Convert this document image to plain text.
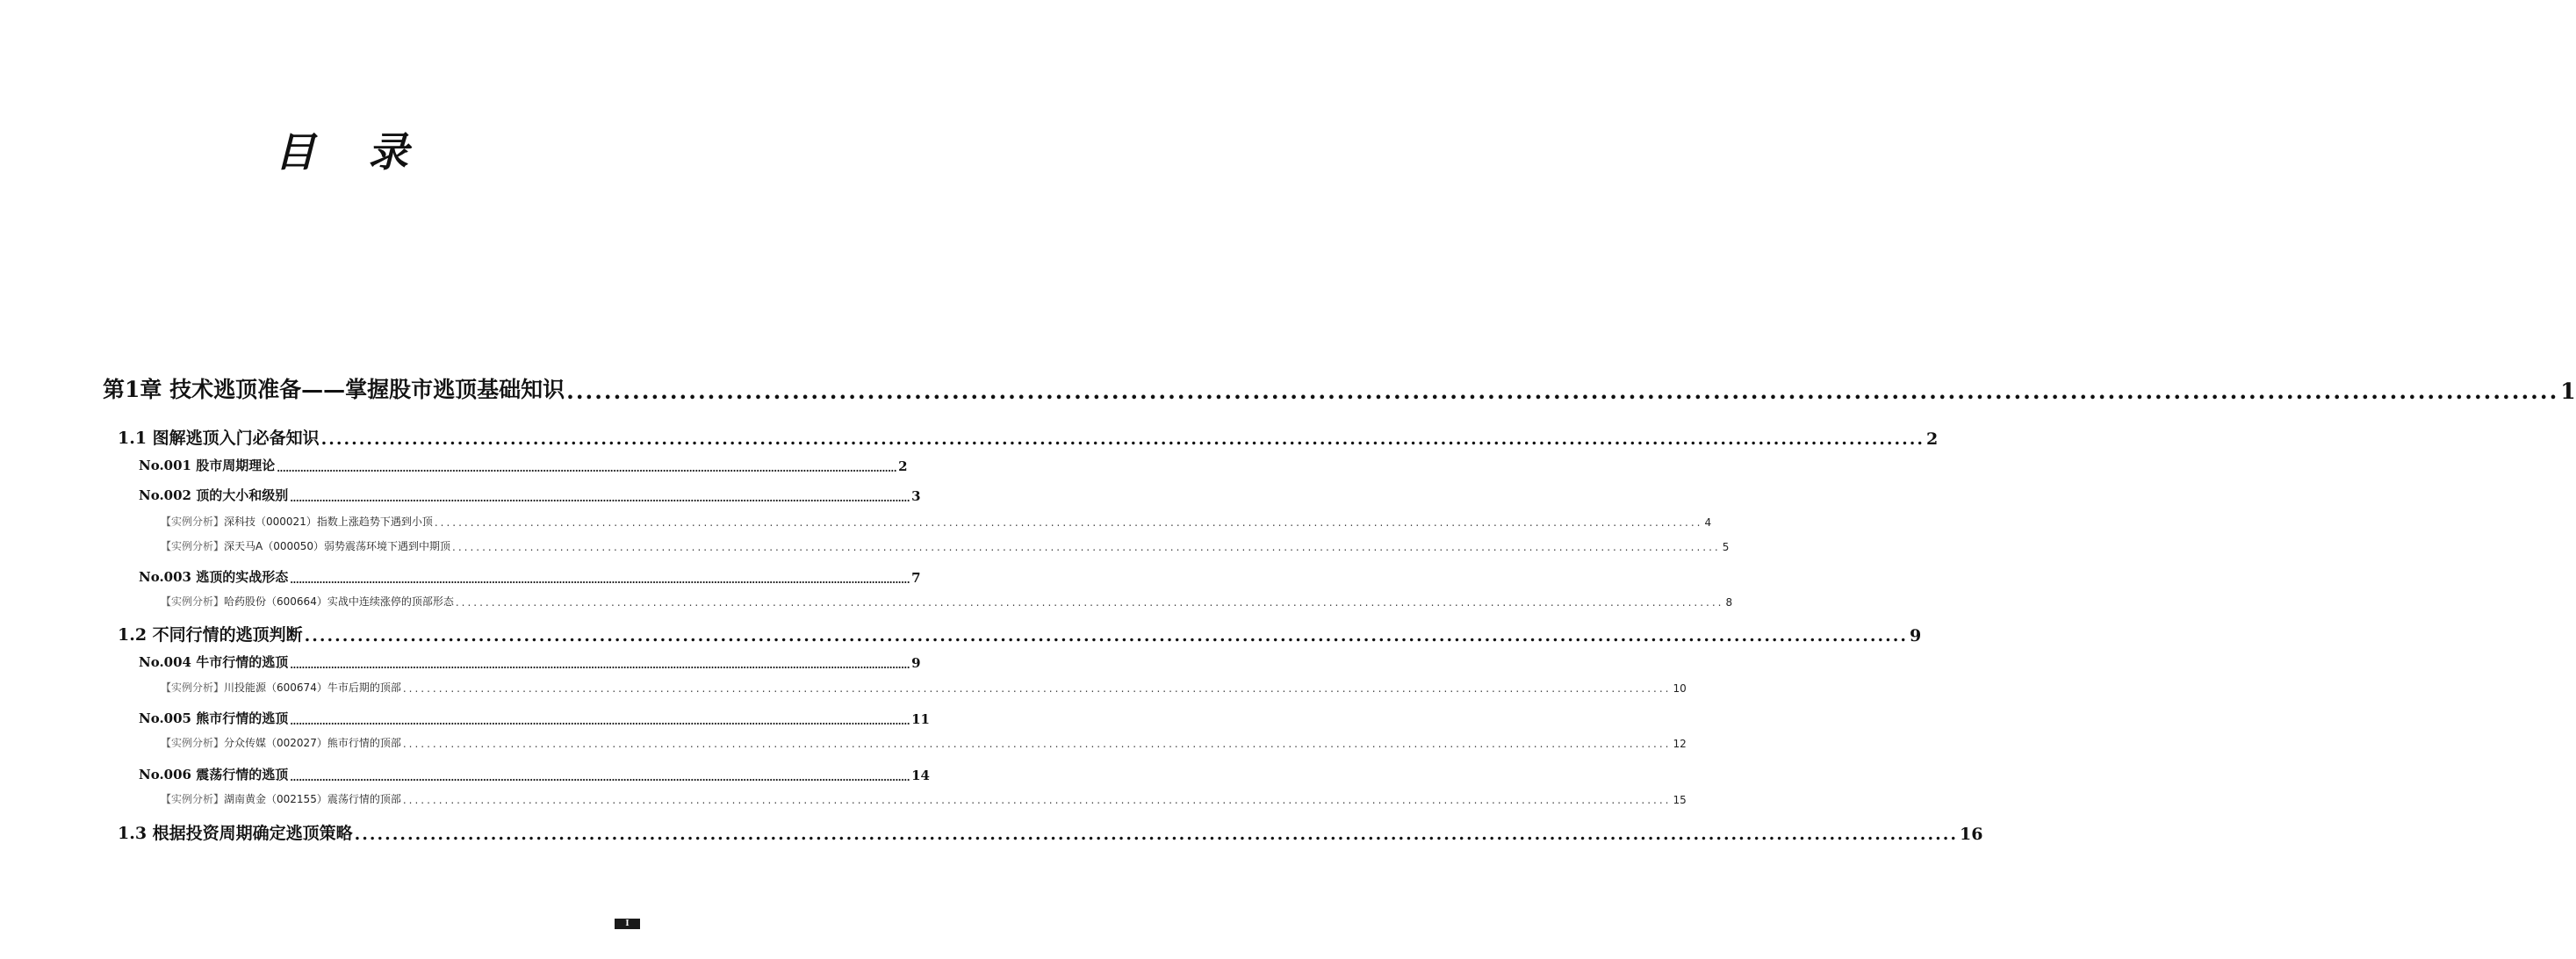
目 录
第1章 技术逃顶准备——掌握股市逃顶基础知识 .................................................................................................................................................................................................................... 1
1.1 图解逃顶入门必备知识 .................................................................................................................................................................................................................... 2
No.001 股市周期理论 .................................................................................................................................................................................................................... 2
No.002 顶的大小和级别 .................................................................................................................................................................................................................... 3
【实例分析】 深科技（000021）指数上涨趋势下遇到小顶 .................................................................................................................................................................................................................... 4
【实例分析】 深天马A（000050）弱势震荡环境下遇到中期顶 .................................................................................................................................................................................................................... 5
No.003 逃顶的实战形态 .................................................................................................................................................................................................................... 7
【实例分析】 哈药股份（600664）实战中连续涨停的顶部形态 .................................................................................................................................................................................................................... 8
1.2 不同行情的逃顶判断 .................................................................................................................................................................................................................... 9
No.004 牛市行情的逃顶 .................................................................................................................................................................................................................... 9
【实例分析】 川投能源（600674）牛市后期的顶部 .................................................................................................................................................................................................................... 10
No.005 熊市行情的逃顶 .................................................................................................................................................................................................................... 11
【实例分析】 分众传媒（002027）熊市行情的顶部 .................................................................................................................................................................................................................... 12
No.006 震荡行情的逃顶 .................................................................................................................................................................................................................... 14
【实例分析】 湖南黄金（002155）震荡行情的顶部 .................................................................................................................................................................................................................... 15
1.3 根据投资周期确定逃顶策略 .................................................................................................................................................................................................................... 16
I
